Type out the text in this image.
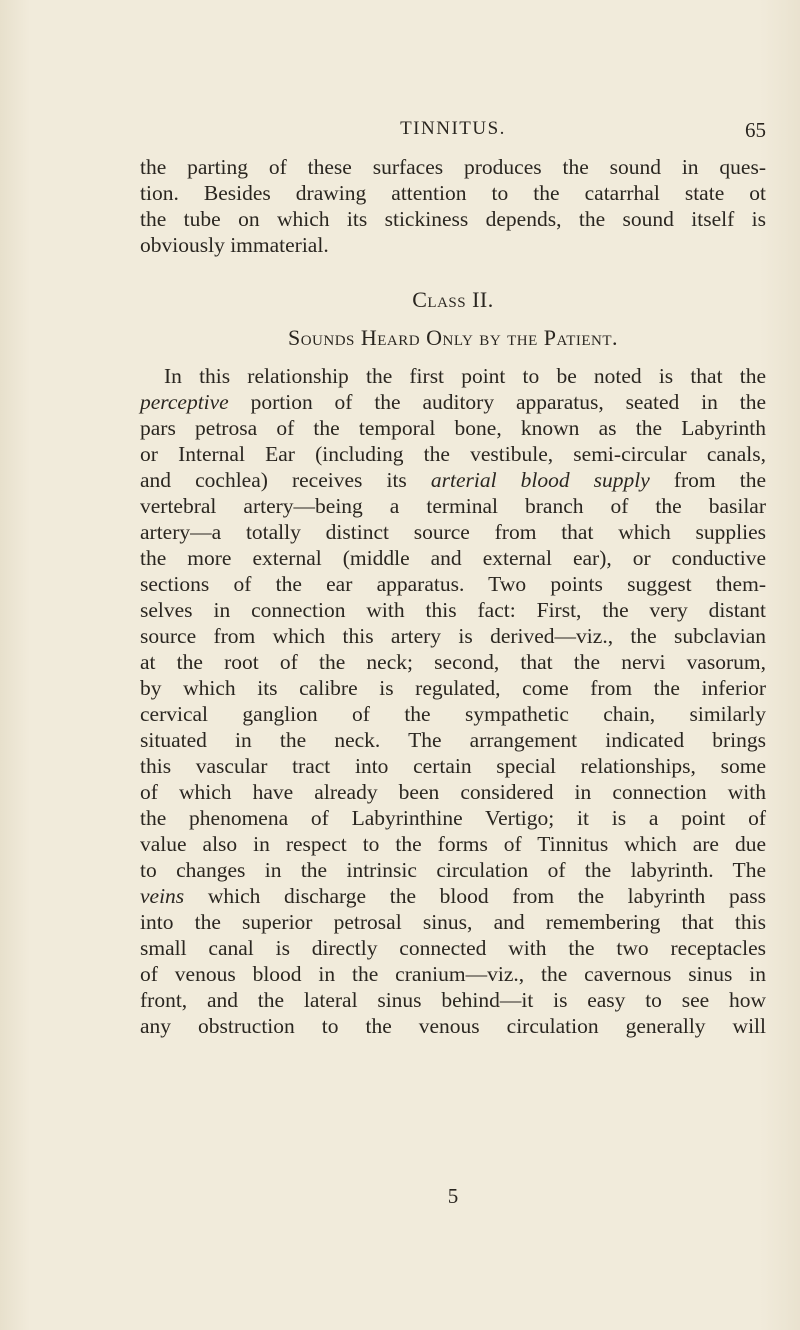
TINNITUS.	65
the parting of these surfaces produces the sound in ques-
tion. Besides drawing attention to the catarrhal state ot
the tube on which its stickiness depends, the sound itself is
obviously immaterial.
Class II.
Sounds Heard Only by the Patient.
In this relationship the first point to be noted is that the
perceptive portion of the auditory apparatus, seated in the
pars petrosa of the temporal bone, known as the Labyrinth
or Internal Ear (including the vestibule, semi-circular canals,
and cochlea) receives its arterial blood supply from the
vertebral artery—being a terminal branch of the basilar
artery—a totally distinct source from that which supplies
the more external (middle and external ear), or conductive
sections of the ear apparatus. Two points suggest them-
selves in connection with this fact: First, the very distant
source from which this artery is derived—viz., the subclavian
at the root of the neck; second, that the nervi vasorum,
by which its calibre is regulated, come from the inferior
cervical ganglion of the sympathetic chain, similarly
situated in the neck. The arrangement indicated brings
this vascular tract into certain special relationships, some
of which have already been considered in connection with
the phenomena of Labyrinthine Vertigo; it is a point of
value also in respect to the forms of Tinnitus which are due
to changes in the intrinsic circulation of the labyrinth. The
veins which discharge the blood from the labyrinth pass
into the superior petrosal sinus, and remembering that this
small canal is directly connected with the two receptacles
of venous blood in the cranium—viz., the cavernous sinus in
front, and the lateral sinus behind—it is easy to see how
any obstruction to the venous circulation generally will
5
